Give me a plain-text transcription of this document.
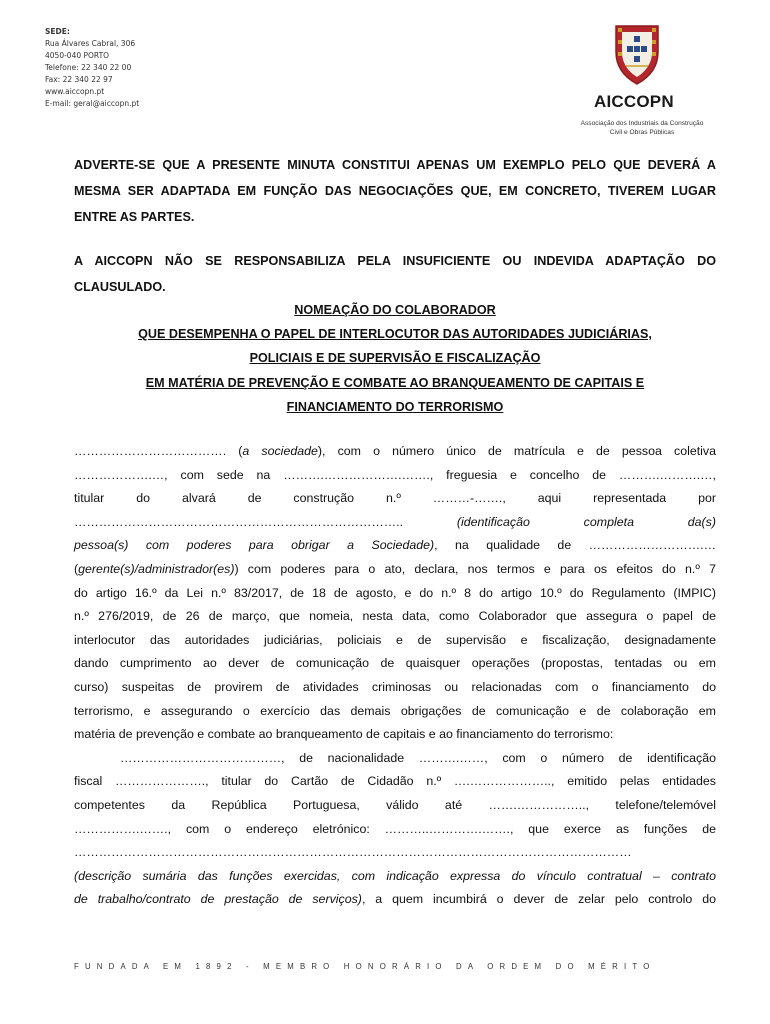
SEDE:
Rua Álvares Cabral, 306
4050-040 PORTO
Telefone: 22 340 22 00
Fax: 22 340 22 97
www.aiccopn.pt
E-mail: geral@aiccopn.pt	AICCOPN
Associação dos Industriais da Construção
Civil e Obras Públicas
ADVERTE-SE QUE A PRESENTE MINUTA CONSTITUI APENAS UM EXEMPLO PELO QUE DEVERÁ A MESMA SER ADAPTADA EM FUNÇÃO DAS NEGOCIAÇÕES QUE, EM CONCRETO, TIVEREM LUGAR ENTRE AS PARTES.
A AICCOPN NÃO SE RESPONSABILIZA PELA INSUFICIENTE OU INDEVIDA ADAPTAÇÃO DO CLAUSULADO.
NOMEAÇÃO DO COLABORADOR
QUE DESEMPENHA O PAPEL DE INTERLOCUTOR DAS AUTORIDADES JUDICIÁRIAS,
POLICIAIS E DE SUPERVISÃO E FISCALIZAÇÃO
EM MATÉRIA DE PREVENÇÃO E COMBATE AO BRANQUEAMENTO DE CAPITAIS E
FINANCIAMENTO DO TERRORISMO
………………………………. (a sociedade), com o número único de matrícula e de pessoa coletiva
……………….…, com sede na ……….……………….……., freguesia e concelho de ……….……….…,
titular do alvará de construção n.º ………-……., aqui representada por
…………………………………………………………………….. (identificação completa da(s)
pessoa(s) com poderes para obrigar a Sociedade), na qualidade de ……………………….…
(gerente(s)/administrador(es)) com poderes para o ato, declara, nos termos e para os efeitos do n.º 7
do artigo 16.º da Lei n.º 83/2017, de 18 de agosto, e do n.º 8 do artigo 10.º do Regulamento (IMPIC)
n.º 276/2019, de 26 de março, que nomeia, nesta data, como Colaborador que assegura o papel de
interlocutor das autoridades judiciárias, policiais e de supervisão e fiscalização, designadamente
dando cumprimento ao dever de comunicação de quaisquer operações (propostas, tentadas ou em
curso) suspeitas de provirem de atividades criminosas ou relacionadas com o financiamento do
terrorismo, e assegurando o exercício das demais obrigações de comunicação e de colaboração em
matéria de prevenção e combate ao branqueamento de capitais e ao financiamento do terrorismo:
…………………………………, de nacionalidade ……….……, com o número de identificação
fiscal …………………., titular do Cartão de Cidadão n.º ….……………….., emitido pelas entidades
competentes da República Portuguesa, válido até …….…………….., telefone/telemóvel
…………….……., com o endereço eletrónico: ………..………….……., que exerce as funções de
………………………………………………………………………………………………………………………
(descrição sumária das funções exercidas, com indicação expressa do vínculo contratual – contrato
de trabalho/contrato de prestação de serviços), a quem incumbirá o dever de zelar pelo controlo do
FUNDADA EM 1892 - MEMBRO HONORÁRIO DA ORDEM DO MÉRITO
